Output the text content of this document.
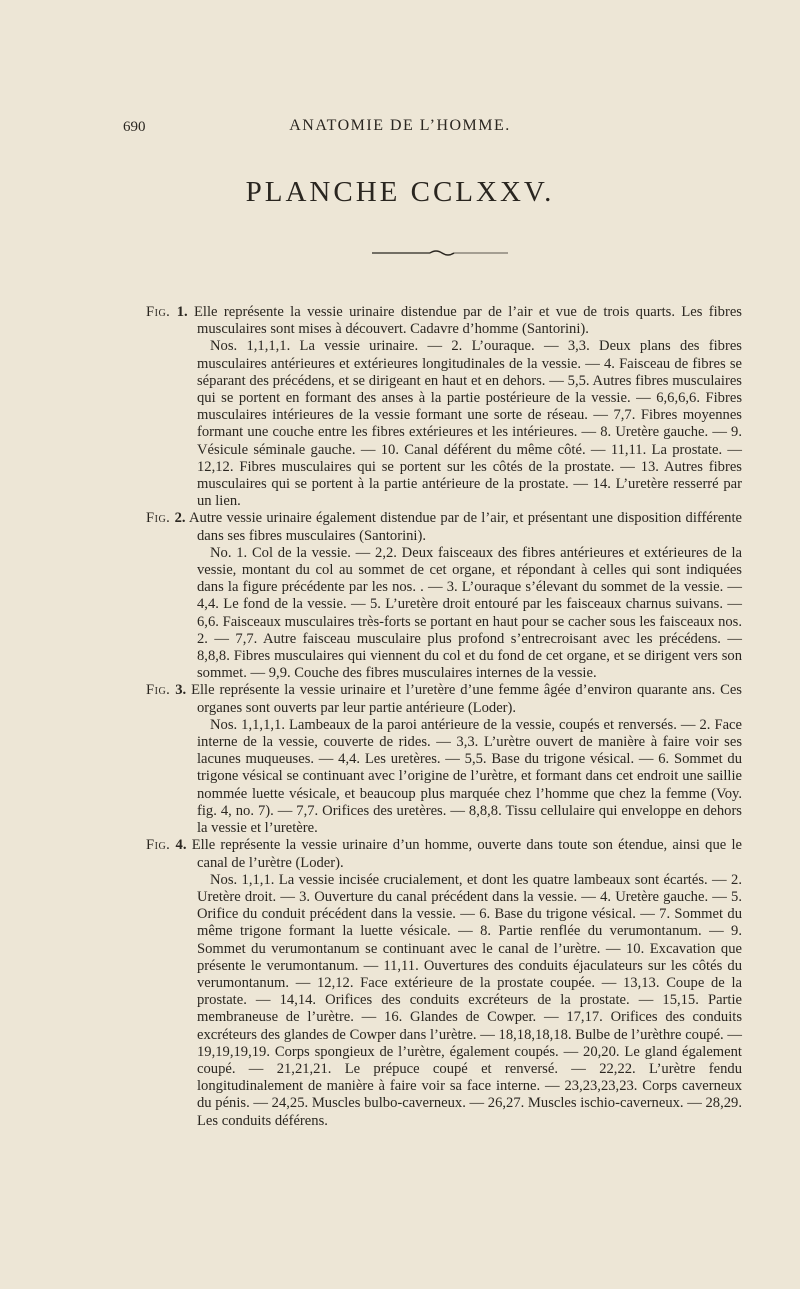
690	ANATOMIE DE L’HOMME.
PLANCHE CCLXXV.

Fig. 1. Elle représente la vessie urinaire distendue par de l’air et vue de trois quarts. Les fibres musculaires sont mises à découvert. Cadavre d’homme (Santorini).

Nos. 1,1,1,1. La vessie urinaire. — 2. L’ouraque. — 3,3. Deux plans des fibres musculaires antérieures et extérieures longitudinales de la vessie. — 4. Faisceau de fibres se séparant des précédens, et se dirigeant en haut et en dehors. — 5,5. Autres fibres musculaires qui se portent en formant des anses à la partie postérieure de la vessie. — 6,6,6,6. Fibres musculaires intérieures de la vessie formant une sorte de réseau. — 7,7. Fibres moyennes formant une couche entre les fibres extérieures et les intérieures. — 8. Uretère gauche. — 9. Vésicule séminale gauche. — 10. Canal déférent du même côté. — 11,11. La prostate. — 12,12. Fibres musculaires qui se portent sur les côtés de la prostate. — 13. Autres fibres musculaires qui se portent à la partie antérieure de la prostate. — 14. L’uretère resserré par un lien.

Fig. 2. Autre vessie urinaire également distendue par de l’air, et présentant une disposition différente dans ses fibres musculaires (Santorini).

No. 1. Col de la vessie. — 2,2. Deux faisceaux des fibres antérieures et extérieures de la vessie, montant du col au sommet de cet organe, et répondant à celles qui sont indiquées dans la figure précédente par les nos. . — 3. L’ouraque s’élevant du sommet de la vessie. — 4,4. Le fond de la vessie. — 5. L’uretère droit entouré par les faisceaux charnus suivans. — 6,6. Faisceaux musculaires très-forts se portant en haut pour se cacher sous les faisceaux nos. 2. — 7,7. Autre faisceau musculaire plus profond s’entrecroisant avec les précédens. — 8,8,8. Fibres musculaires qui viennent du col et du fond de cet organe, et se dirigent vers son sommet. — 9,9. Couche des fibres musculaires internes de la vessie.

Fig. 3. Elle représente la vessie urinaire et l’uretère d’une femme âgée d’environ quarante ans. Ces organes sont ouverts par leur partie antérieure (Loder).

Nos. 1,1,1,1. Lambeaux de la paroi antérieure de la vessie, coupés et renversés. — 2. Face interne de la vessie, couverte de rides. — 3,3. L’urètre ouvert de manière à faire voir ses lacunes muqueuses. — 4,4. Les uretères. — 5,5. Base du trigone vésical. — 6. Sommet du trigone vésical se continuant avec l’origine de l’urètre, et formant dans cet endroit une saillie nommée luette vésicale, et beaucoup plus marquée chez l’homme que chez la femme (Voy. fig. 4, no. 7). — 7,7. Orifices des uretères. — 8,8,8. Tissu cellulaire qui enveloppe en dehors la vessie et l’uretère.

Fig. 4. Elle représente la vessie urinaire d’un homme, ouverte dans toute son étendue, ainsi que le canal de l’urètre (Loder).

Nos. 1,1,1. La vessie incisée crucialement, et dont les quatre lambeaux sont écartés. — 2. Uretère droit. — 3. Ouverture du canal précédent dans la vessie. — 4. Uretère gauche. — 5. Orifice du conduit précédent dans la vessie. — 6. Base du trigone vésical. — 7. Sommet du même trigone formant la luette vésicale. — 8. Partie renflée du verumontanum. — 9. Sommet du verumontanum se continuant avec le canal de l’urètre. — 10. Excavation que présente le verumontanum. — 11,11. Ouvertures des conduits éjaculateurs sur les côtés du verumontanum. — 12,12. Face extérieure de la prostate coupée. — 13,13. Coupe de la prostate. — 14,14. Orifices des conduits excréteurs de la prostate. — 15,15. Partie membraneuse de l’urètre. — 16. Glandes de Cowper. — 17,17. Orifices des conduits excréteurs des glandes de Cowper dans l’urètre. — 18,18,18,18. Bulbe de l’urèthre coupé. — 19,19,19,19. Corps spongieux de l’urètre, également coupés. — 20,20. Le gland également coupé. — 21,21,21. Le prépuce coupé et renversé. — 22,22. L’urètre fendu longitudinalement de manière à faire voir sa face interne. — 23,23,23,23. Corps caverneux du pénis. — 24,25. Muscles bulbo-caverneux. — 26,27. Muscles ischio-caverneux. — 28,29. Les conduits déférens.
